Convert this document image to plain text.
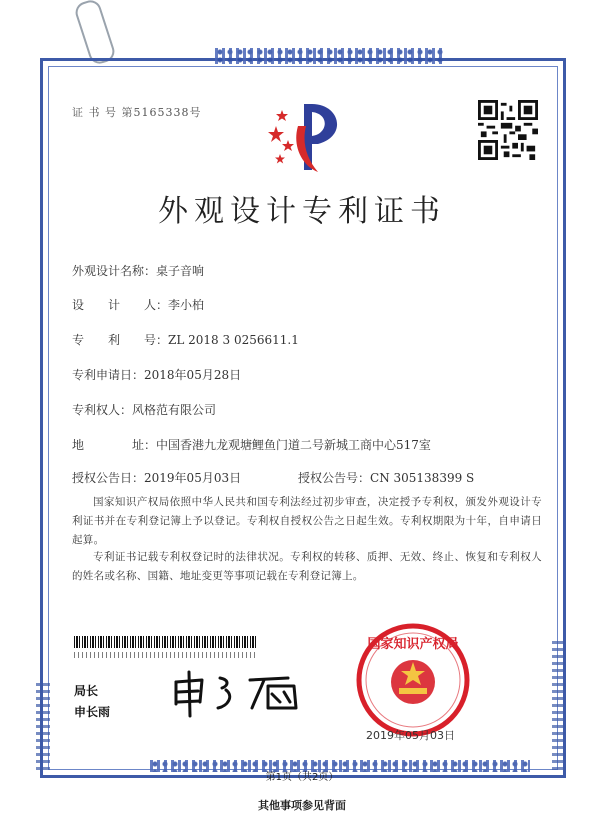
证 书 号 第5165338号
外观设计专利证书
外观设计名称：桌子音响
设　　计　　人：李小柏
专　　利　　号：ZL 2018 3 0256611.1
专利申请日：2018年05月28日
专利权人：风格范有限公司
地　　　　址：中国香港九龙观塘鲤鱼门道二号新城工商中心517室
授权公告日：2019年05月03日	授权公告号：CN 305138399 S
国家知识产权局依照中华人民共和国专利法经过初步审查，决定授予专利权，颁发外观设计专利证书并在专利登记簿上予以登记。专利权自授权公告之日起生效。专利权期限为十年，自申请日起算。
专利证书记载专利权登记时的法律状况。专利权的转移、质押、无效、终止、恢复和专利权人的姓名或名称、国籍、地址变更等事项记载在专利登记簿上。
局长
申长雨
国家知识产权局
2019年05月03日
第1页（共2页）
其他事项参见背面
